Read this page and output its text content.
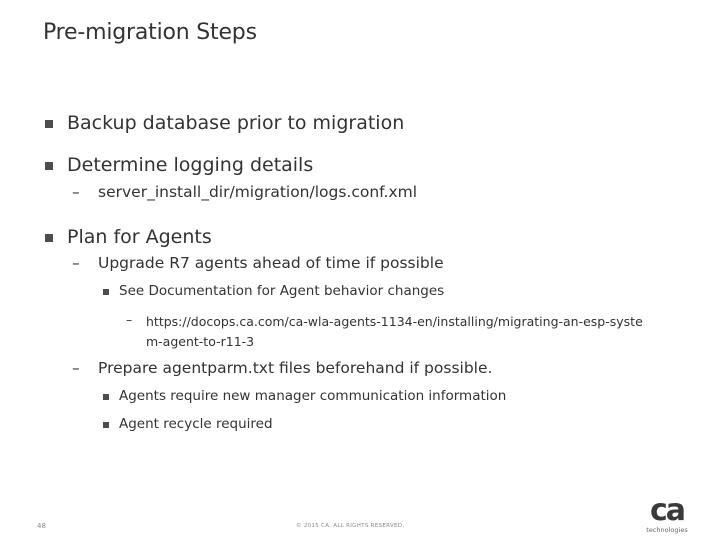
Pre-migration Steps
Backup database prior to migration
Determine logging details
–	server_install_dir/migration/logs.conf.xml
Plan for Agents
–	Upgrade R7 agents ahead of time if possible
See Documentation for Agent behavior changes
–	https://docops.ca.com/ca-wla-agents-1134-en/installing/migrating-an-esp-system-agent-to-r11-3
–	Prepare agentparm.txt files beforehand if possible.
Agents require new manager communication information
Agent recycle required
48	© 2015 CA. ALL RIGHTS RESERVED.	ca
technologies
